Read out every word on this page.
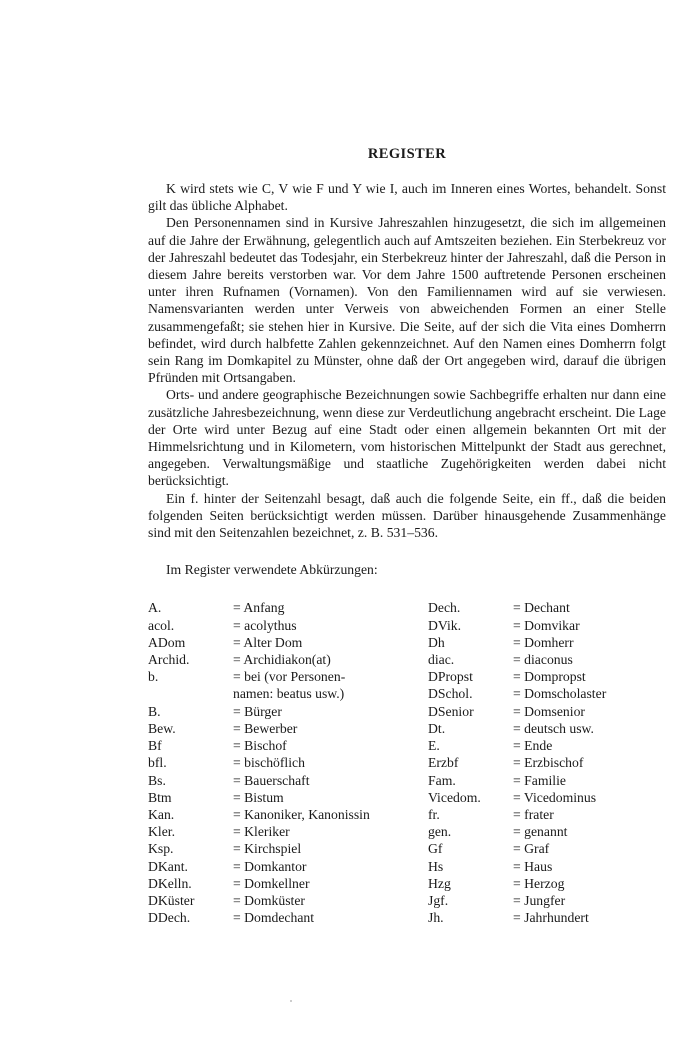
REGISTER

K wird stets wie C, V wie F und Y wie I, auch im Inneren eines Wortes, behandelt. Sonst gilt das übliche Alphabet.

Den Personennamen sind in Kursive Jahreszahlen hinzugesetzt, die sich im allgemeinen auf die Jahre der Erwähnung, gelegentlich auch auf Amtszeiten beziehen. Ein Sterbekreuz vor der Jahreszahl bedeutet das Todesjahr, ein Sterbekreuz hinter der Jahreszahl, daß die Person in diesem Jahre bereits verstorben war. Vor dem Jahre 1500 auftretende Personen erscheinen unter ihren Rufnamen (Vornamen). Von den Familiennamen wird auf sie verwiesen. Namensvarianten werden unter Verweis von abweichenden Formen an einer Stelle zusammengefaßt; sie stehen hier in Kursive. Die Seite, auf der sich die Vita eines Domherrn befindet, wird durch halbfette Zahlen gekennzeichnet. Auf den Namen eines Domherrn folgt sein Rang im Domkapitel zu Münster, ohne daß der Ort angegeben wird, darauf die übrigen Pfründen mit Ortsangaben.

Orts- und andere geographische Bezeichnungen sowie Sachbegriffe erhalten nur dann eine zusätzliche Jahresbezeichnung, wenn diese zur Verdeutlichung angebracht erscheint. Die Lage der Orte wird unter Bezug auf eine Stadt oder einen allgemein bekannten Ort mit der Himmelsrichtung und in Kilometern, vom historischen Mittelpunkt der Stadt aus gerechnet, angegeben. Verwaltungsmäßige und staatliche Zugehörigkeiten werden dabei nicht berücksichtigt.

Ein f. hinter der Seitenzahl besagt, daß auch die folgende Seite, ein ff., daß die beiden folgenden Seiten berücksichtigt werden müssen. Darüber hinausgehende Zusammenhänge sind mit den Seitenzahlen bezeichnet, z. B. 531–536.

Im Register verwendete Abkürzungen:

A.	= Anfang
acol.	= acolythus
ADom	= Alter Dom
Archid.	= Archidiakon(at)
b.	= bei (vor Personen-
namen: beatus usw.)
B.	= Bürger
Bew.	= Bewerber
Bf	= Bischof
bfl.	= bischöflich
Bs.	= Bauerschaft
Btm	= Bistum
Kan.	= Kanoniker, Kanonissin
Kler.	= Kleriker
Ksp.	= Kirchspiel
DKant.	= Domkantor
DKelln.	= Domkellner
DKüster	= Domküster
DDech.	= Domdechant
Dech.	= Dechant
DVik.	= Domvikar
Dh	= Domherr
diac.	= diaconus
DPropst	= Dompropst
DSchol.	= Domscholaster
DSenior	= Domsenior
Dt.	= deutsch usw.
E.	= Ende
Erzbf	= Erzbischof
Fam.	= Familie
Vicedom.	= Vicedominus
fr.	= frater
gen.	= genannt
Gf	= Graf
Hs	= Haus
Hzg	= Herzog
Jgf.	= Jungfer
Jh.	= Jahrhundert
